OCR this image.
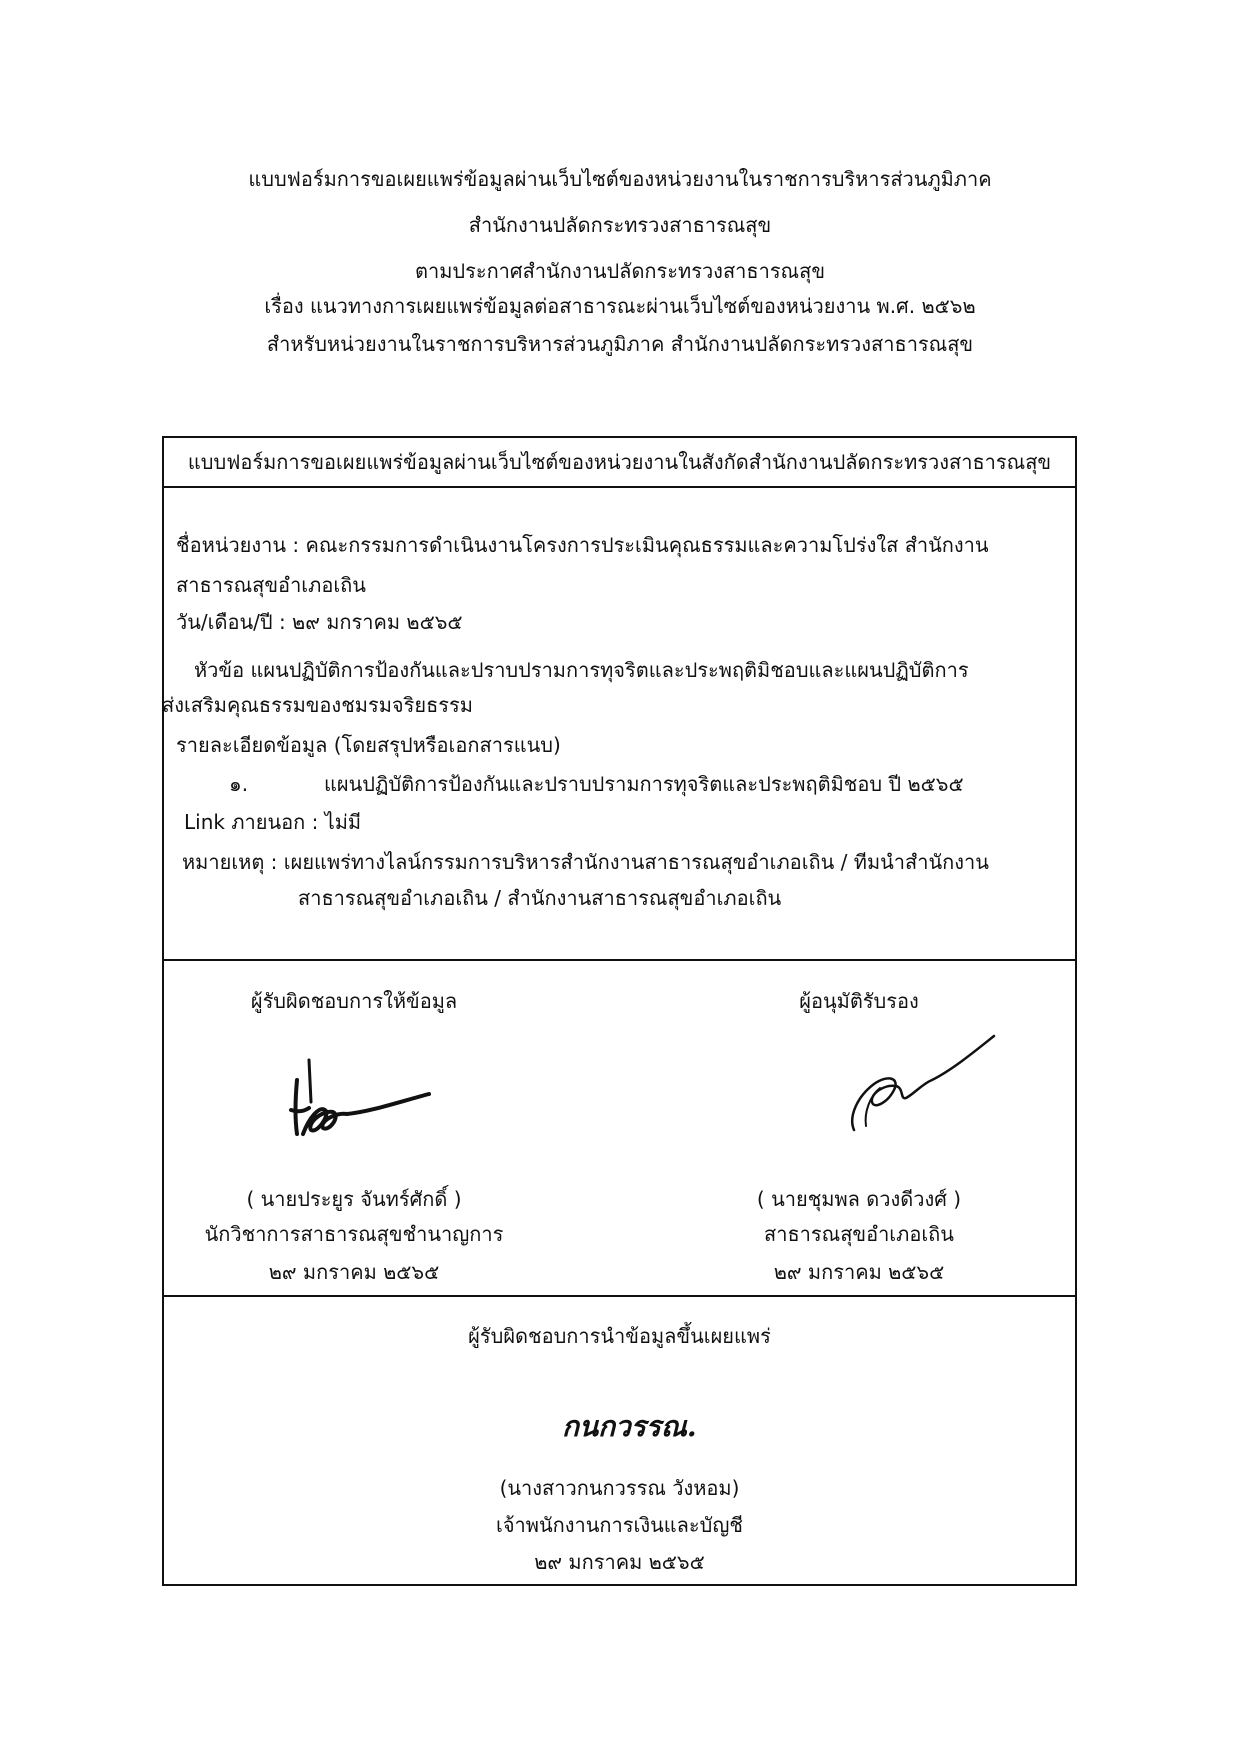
แบบฟอร์มการขอเผยแพร่ข้อมูลผ่านเว็บไซต์ของหน่วยงานในราชการบริหารส่วนภูมิภาค
สำนักงานปลัดกระทรวงสาธารณสุข
ตามประกาศสำนักงานปลัดกระทรวงสาธารณสุข
เรื่อง แนวทางการเผยแพร่ข้อมูลต่อสาธารณะผ่านเว็บไซต์ของหน่วยงาน พ.ศ. ๒๕๖๒
สำหรับหน่วยงานในราชการบริหารส่วนภูมิภาค สำนักงานปลัดกระทรวงสาธารณสุข
แบบฟอร์มการขอเผยแพร่ข้อมูลผ่านเว็บไซต์ของหน่วยงานในสังกัดสำนักงานปลัดกระทรวงสาธารณสุข
ชื่อหน่วยงาน : คณะกรรมการดำเนินงานโครงการประเมินคุณธรรมและความโปร่งใส สำนักงาน
สาธารณสุขอำเภอเถิน
วัน/เดือน/ปี : ๒๙ มกราคม ๒๕๖๕
หัวข้อ แผนปฏิบัติการป้องกันและปราบปรามการทุจริตและประพฤติมิชอบและแผนปฏิบัติการ
ส่งเสริมคุณธรรมของชมรมจริยธรรม
รายละเอียดข้อมูล (โดยสรุปหรือเอกสารแนบ)
๑.	แผนปฏิบัติการป้องกันและปราบปรามการทุจริตและประพฤติมิชอบ ปี ๒๕๖๕
Link ภายนอก : ไม่มี
หมายเหตุ : เผยแพร่ทางไลน์กรรมการบริหารสำนักงานสาธารณสุขอำเภอเถิน / ทีมนำสำนักงาน
สาธารณสุขอำเภอเถิน / สำนักงานสาธารณสุขอำเภอเถิน
ผู้รับผิดชอบการให้ข้อมูล
( นายประยูร จันทร์ศักดิ์ )
นักวิชาการสาธารณสุขชำนาญการ
๒๙ มกราคม ๒๕๖๕
ผู้อนุมัติรับรอง
( นายชุมพล ดวงดีวงศ์ )
สาธารณสุขอำเภอเถิน
๒๙ มกราคม ๒๕๖๕
ผู้รับผิดชอบการนำข้อมูลขึ้นเผยแพร่
กนกวรรณ.
(นางสาวกนกวรรณ วังหอม)
เจ้าพนักงานการเงินและบัญชี
๒๙ มกราคม ๒๕๖๕
